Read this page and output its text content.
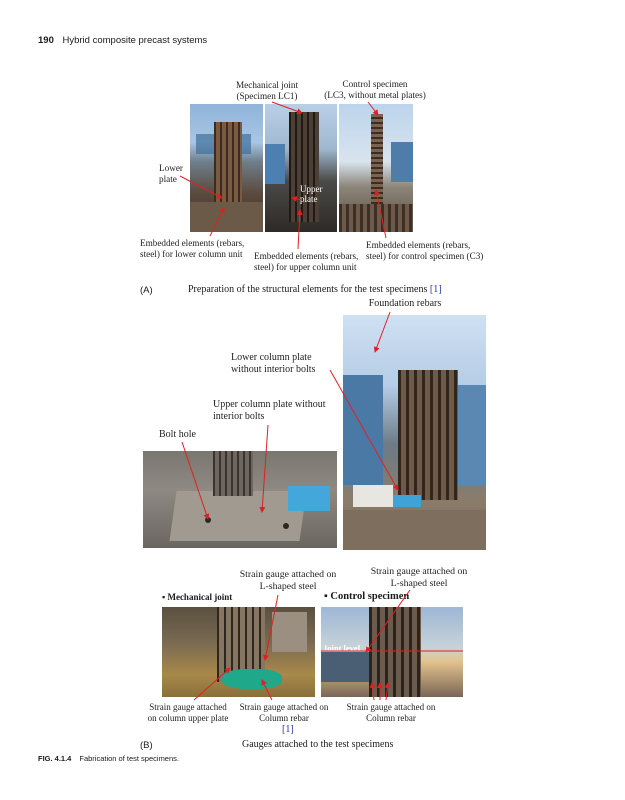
190 Hybrid composite precast systems
Mechanical joint
(Specimen LC1)
Control specimen
(LC3, without metal plates)
Lower
plate
Upper
plate
Embedded elements (rebars,
steel) for lower column unit	Embedded elements (rebars,
steel) for upper column unit
Embedded elements (rebars,
steel) for control specimen (C3)
(A)	Preparation of the structural elements for the test specimens [1]
Foundation rebars
Lower column plate
without interior bolts
Upper column plate without
interior bolts
Bolt hole
Strain gauge attached on
L-shaped steel
Strain gauge attached on
L-shaped steel
▪ Mechanical joint	▪ Control specimen
Joint level
Strain gauge attached
on column upper plate
Strain gauge attached on
Column rebar
Strain gauge attached on
Column rebar
[1]
(B)	Gauges attached to the test specimens
FIG. 4.1.4 Fabrication of test specimens.
